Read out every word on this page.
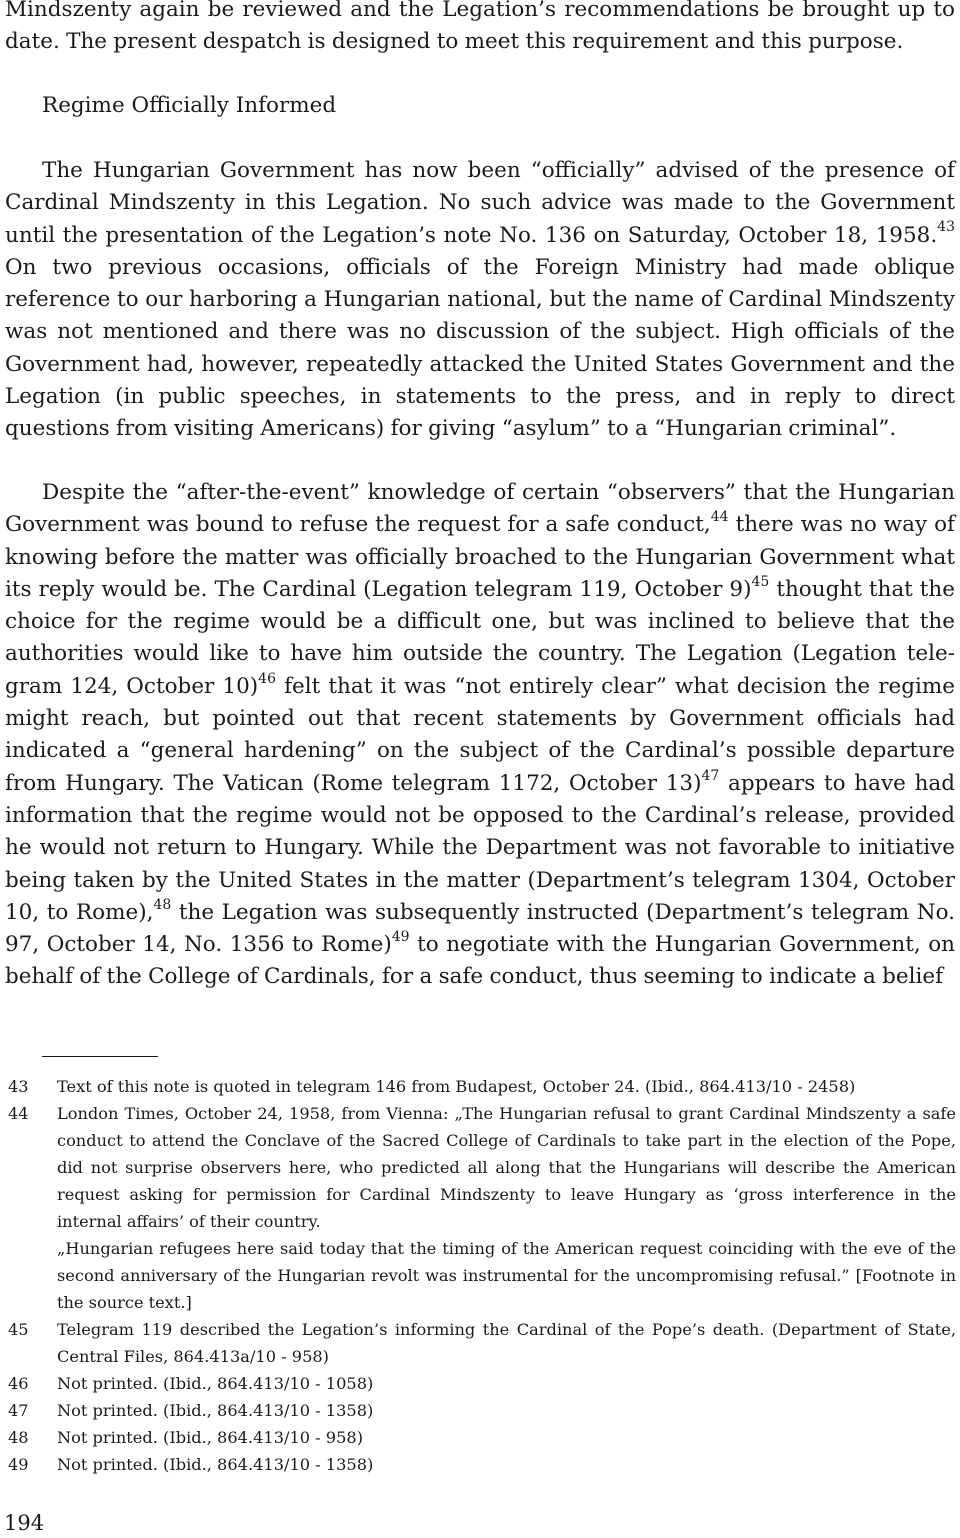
Mindszenty again be reviewed and the Legation’s recommendations be brought up to date. The present despatch is designed to meet this requirement and this purpose.

Regime Officially Informed

The Hungarian Government has now been “officially” advised of the presence of Cardinal Mindszenty in this Legation. No such advice was made to the Government until the presentation of the Legation’s note No. 136 on Saturday, October 18, 1958.43 On two previous occasions, officials of the Foreign Ministry had made oblique reference to our harboring a Hungarian national, but the name of Cardinal Mindszenty was not mentioned and there was no discussion of the subject. High officials of the Government had, however, repeatedly attacked the United States Government and the Legation (in public speeches, in statements to the press, and in reply to direct questions from visiting Americans) for giving “asylum” to a “Hungarian criminal”.

Despite the “after-the-event” knowledge of certain “observers” that the Hungarian Government was bound to refuse the request for a safe conduct,$^{44}$ there was no way of knowing before the matter was officially broached to the Hungarian Government what its reply would be. The Cardinal (Legation telegram 119, October 9)$^{45}$ thought that the choice for the regime would be a difficult one, but was inclined to believe that the authorities would like to have him outside the country. The Legation (Legation tele-gram 124, October 10)$^{46}$ felt that it was “not entirely clear” what decision the regime might reach, but pointed out that recent statements by Government officials had indicated a “general hardening” on the subject of the Cardinal’s possible departure from Hungary. The Vatican (Rome telegram 1172, October 13)$^{47}$ appears to have had information that the regime would not be opposed to the Cardinal’s release, provided he would not return to Hungary. While the Department was not favorable to initiative being taken by the United States in the matter (Department’s telegram 1304, October 10, to Rome),$^{48}$ the Legation was subsequently instructed (Department’s telegram No. 97, October 14, No. 1356 to Rome)$^{49}$ to negotiate with the Hungarian Government, on behalf of the College of Cardinals, for a safe conduct, thus seeming to indicate a belief

43	Text of this note is quoted in telegram 146 from Budapest, October 24. (Ibid., 864.413/10 - 2458)

44	London Times, October 24, 1958, from Vienna: „The Hungarian refusal to grant Cardinal Mindszenty a safe conduct to attend the Conclave of the Sacred College of Cardinals to take part in the election of the Pope, did not surprise observers here, who predicted all along that the Hungarians will describe the American request asking for permission for Cardinal Mindszenty to leave Hungary as ‘gross interference in the internal affairs’ of their country.

„Hungarian refugees here said today that the timing of the American request coinciding with the eve of the second anniversary of the Hungarian revolt was instrumental for the uncompromising refusal.” [Footnote in the source text.]

45	Telegram 119 described the Legation’s informing the Cardinal of the Pope’s death. (Department of State, Central Files, 864.413a/10 - 958)

46	Not printed. (Ibid., 864.413/10 - 1058)

47	Not printed. (Ibid., 864.413/10 - 1358)

48	Not printed. (Ibid., 864.413/10 - 958)

49	Not printed. (Ibid., 864.413/10 - 1358)

194
